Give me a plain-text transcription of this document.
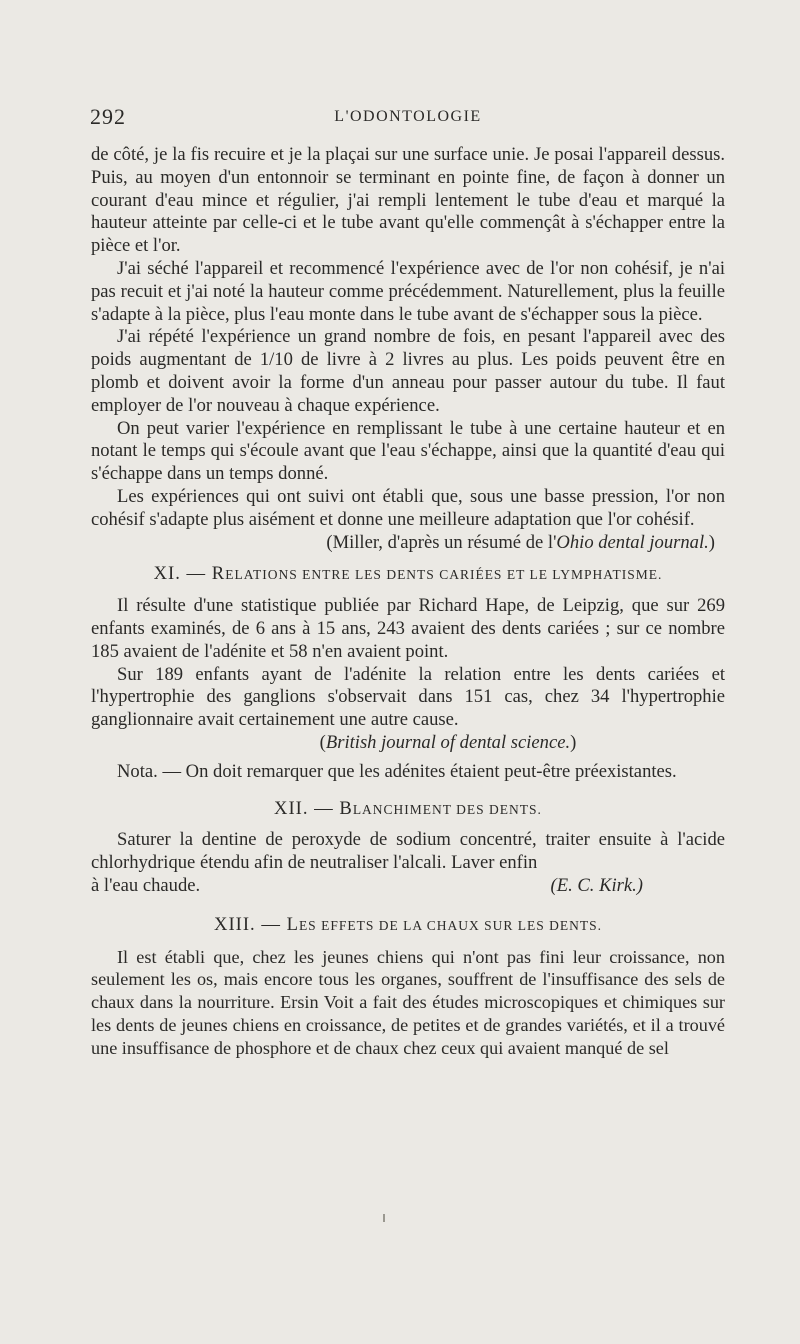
292	L'ODONTOLOGIE

de côté, je la fis recuire et je la plaçai sur une surface unie. Je posai l'appareil dessus. Puis, au moyen d'un entonnoir se terminant en pointe fine, de façon à donner un courant d'eau mince et régulier, j'ai rempli lentement le tube d'eau et marqué la hauteur atteinte par celle-ci et le tube avant qu'elle commençât à s'échapper entre la pièce et l'or.

J'ai séché l'appareil et recommencé l'expérience avec de l'or non cohésif, je n'ai pas recuit et j'ai noté la hauteur comme précédemment. Naturellement, plus la feuille s'adapte à la pièce, plus l'eau monte dans le tube avant de s'échapper sous la pièce.

J'ai répété l'expérience un grand nombre de fois, en pesant l'appareil avec des poids augmentant de 1/10 de livre à 2 livres au plus. Les poids peuvent être en plomb et doivent avoir la forme d'un anneau pour passer autour du tube. Il faut employer de l'or nouveau à chaque expérience.

On peut varier l'expérience en remplissant le tube à une certaine hauteur et en notant le temps qui s'écoule avant que l'eau s'échappe, ainsi que la quantité d'eau qui s'échappe dans un temps donné.

Les expériences qui ont suivi ont établi que, sous une basse pression, l'or non cohésif s'adapte plus aisément et donne une meilleure adaptation que l'or cohésif.

(Miller, d'après un résumé de l'Ohio dental journal.)

XI. — RELATIONS ENTRE LES DENTS CARIÉES ET LE LYMPHATISME.

Il résulte d'une statistique publiée par Richard Hape, de Leipzig, que sur 269 enfants examinés, de 6 ans à 15 ans, 243 avaient des dents cariées ; sur ce nombre 185 avaient de l'adénite et 58 n'en avaient point.

Sur 189 enfants ayant de l'adénite la relation entre les dents cariées et l'hypertrophie des ganglions s'observait dans 151 cas, chez 34 l'hypertrophie ganglionnaire avait certainement une autre cause.

(British journal of dental science.)

Nota. — On doit remarquer que les adénites étaient peut-être préexistantes.

XII. — BLANCHIMENT DES DENTS.

Saturer la dentine de peroxyde de sodium concentré, traiter ensuite à l'acide chlorhydrique étendu afin de neutraliser l'alcali. Laver enfin

à l'eau chaude.	(E. C. Kirk.)
XIII. — LES EFFETS DE LA CHAUX SUR LES DENTS.

Il est établi que, chez les jeunes chiens qui n'ont pas fini leur croissance, non seulement les os, mais encore tous les organes, souffrent de l'insuffisance des sels de chaux dans la nourriture. Ersin Voit a fait des études microscopiques et chimiques sur les dents de jeunes chiens en croissance, de petites et de grandes variétés, et il a trouvé une insuffisance de phosphore et de chaux chez ceux qui avaient manqué de sel
